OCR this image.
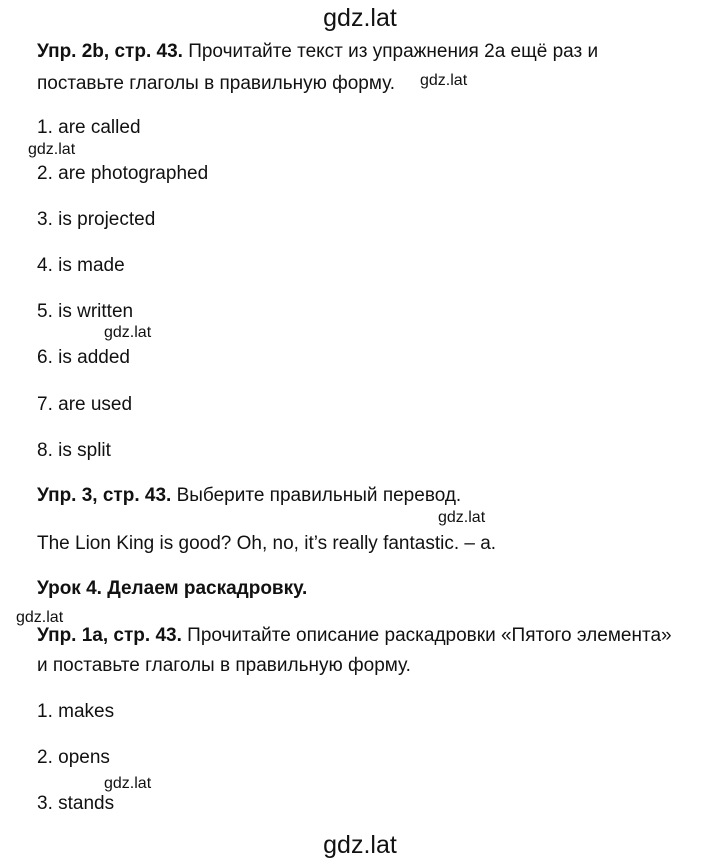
gdz.lat
Упр. 2b, стр. 43. Прочитайте текст из упражнения 2а ещё раз и
поставьте глаголы в правильную форму. gdz.lat
1. are called
gdz.lat
2. are photographed
3. is projected
4. is made
5. is written
gdz.lat
6. is added
7. are used
8. is split
Упр. 3, стр. 43. Выберите правильный перевод.
gdz.lat
The Lion King is good? Oh, no, it’s really fantastic. – a.
Урок 4. Делаем раскадровку.
gdz.lat
Упр. 1a, стр. 43. Прочитайте описание раскадровки «Пятого элемента»
и поставьте глаголы в правильную форму.
1. makes
2. opens
gdz.lat
3. stands
gdz.lat
